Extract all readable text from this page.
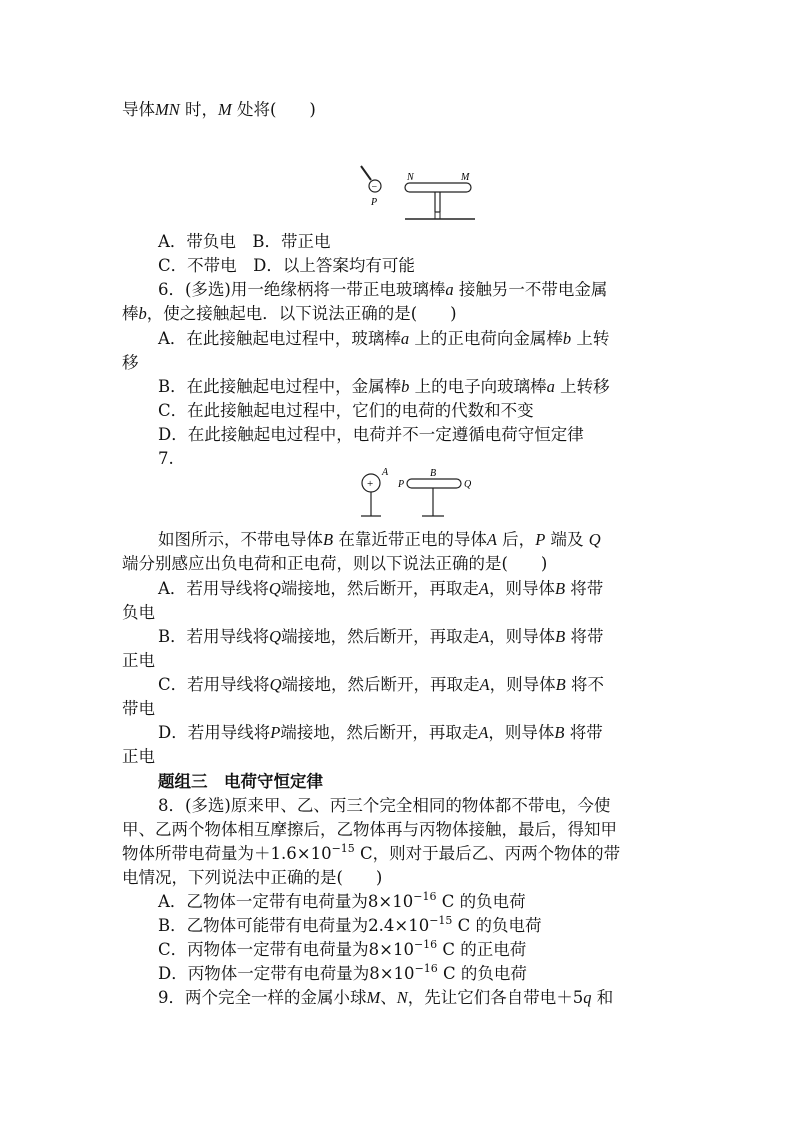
导体MN 时，M 处将(　　)
−
P
N	M
A．带负电　B．带正电
C．不带电　D．以上答案均有可能
6．(多选)用一绝缘柄将一带正电玻璃棒a 接触另一不带电金属
棒b，使之接触起电．以下说法正确的是(　　)
A．在此接触起电过程中，玻璃棒a 上的正电荷向金属棒b 上转
移
B．在此接触起电过程中，金属棒b 上的电子向玻璃棒a 上转移
C．在此接触起电过程中，它们的电荷的代数和不变
D．在此接触起电过程中，电荷并不一定遵循电荷守恒定律
7.
+
A	B
P	Q
如图所示，不带电导体B 在靠近带正电的导体A 后，P 端及 Q
端分别感应出负电荷和正电荷，则以下说法正确的是(　　)
A．若用导线将Q端接地，然后断开，再取走A，则导体B 将带
负电
B．若用导线将Q端接地，然后断开，再取走A，则导体B 将带
正电
C．若用导线将Q端接地，然后断开，再取走A，则导体B 将不
带电
D．若用导线将P端接地，然后断开，再取走A，则导体B 将带
正电
题组三　电荷守恒定律
8．(多选)原来甲、乙、丙三个完全相同的物体都不带电，今使
甲、乙两个物体相互摩擦后，乙物体再与丙物体接触，最后，得知甲
物体所带电荷量为$+1.6\times 10^{-15}$ C，则对于最后乙、丙两个物体的带
电情况，下列说法中正确的是(　　)
A．乙物体一定带有电荷量为$8\times 10^{-16}$ C 的负电荷
B．乙物体可能带有电荷量为$2.4\times 10^{-15}$ C 的负电荷
C．丙物体一定带有电荷量为$8\times 10^{-16}$ C 的正电荷
D．丙物体一定带有电荷量为$8\times 10^{-16}$ C 的负电荷
9．两个完全一样的金属小球M、N，先让它们各自带电＋5q 和
